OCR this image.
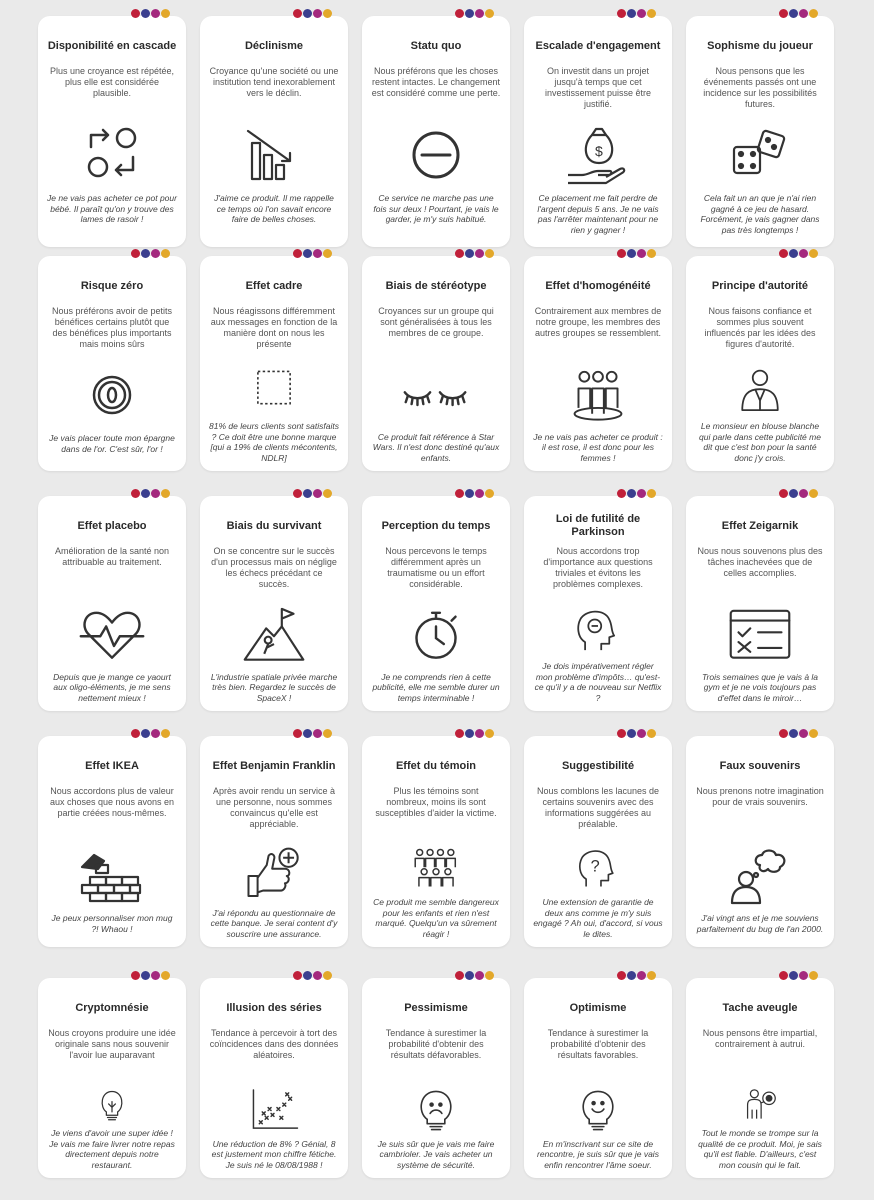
Disponibilité en cascade
Plus une croyance est répétée, plus elle est considérée plausible.
Je ne vais pas acheter ce pot pour bébé. Il paraît qu'on y trouve des lames de rasoir !
Déclinisme
Croyance qu'une société ou une institution tend inexorablement vers le déclin.
J'aime ce produit. Il me rappelle ce temps où l'on savait encore faire de belles choses.
Statu quo
Nous préférons que les choses restent intactes. Le changement est considéré comme une perte.
Ce service ne marche pas une fois sur deux ! Pourtant, je vais le garder, je m'y suis habitué.
Escalade d'engagement
On investit dans un projet jusqu'à temps que cet investissement puisse être justifié.
Ce placement me fait perdre de l'argent depuis 5 ans. Je ne vais pas l'arrêter maintenant pour ne rien y gagner !
Sophisme du joueur
Nous pensons que les événements passés ont une incidence sur les possibilités futures.
Cela fait un an que je n'ai rien gagné à ce jeu de hasard. Forcément, je vais gagner dans pas très longtemps !
Risque zéro
Nous préférons avoir de petits bénéfices certains plutôt que des bénéfices plus importants mais moins sûrs
Je vais placer toute mon épargne dans de l'or. C'est sûr, l'or !
Effet cadre
Nous réagissons différemment aux messages en fonction de la manière dont on nous les présente
81% de leurs clients sont satisfaits ? Ce doit être une bonne marque [qui a 19% de clients mécontents, NDLR]
Biais de stéréotype
Croyances sur un groupe qui sont généralisées à tous les membres de ce groupe.
Ce produit fait référence à Star Wars. Il n'est donc destiné qu'aux enfants.
Effet d'homogénéité
Contrairement aux membres de notre groupe, les membres des autres groupes se ressemblent.
Je ne vais pas acheter ce produit : il est rose, il est donc pour les femmes !
Principe d'autorité
Nous faisons confiance et sommes plus souvent influencés par les idées des figures d'autorité.
Le monsieur en blouse blanche qui parle dans cette publicité me dit que c'est bon pour la santé donc j'y crois.
Effet placebo
Amélioration de la santé non attribuable au traitement.
Depuis que je mange ce yaourt aux oligo-éléments, je me sens nettement mieux !
Biais du survivant
On se concentre sur le succès d'un processus mais on néglige les échecs précédant ce succès.
L'industrie spatiale privée marche très bien. Regardez le succès de SpaceX !
Perception du temps
Nous percevons le temps différemment après un traumatisme ou un effort considérable.
Je ne comprends rien à cette publicité, elle me semble durer un temps interminable !
Loi de futilité de Parkinson
Nous accordons trop d'importance aux questions triviales et évitons les problèmes complexes.
Je dois impérativement régler mon problème d'impôts… qu'est-ce qu'il y a de nouveau sur Netflix ?
Effet Zeigarnik
Nous nous souvenons plus des tâches inachevées que de celles accomplies.
Trois semaines que je vais à la gym et je ne vois toujours pas d'effet dans le miroir…
Effet IKEA
Nous accordons plus de valeur aux choses que nous avons en partie créées nous-mêmes.
Je peux personnaliser mon mug ?! Whaou !
Effet Benjamin Franklin
Après avoir rendu un service à une personne, nous sommes convaincus qu'elle est appréciable.
J'ai répondu au questionnaire de cette banque. Je serai content d'y souscrire une assurance.
Effet du témoin
Plus les témoins sont nombreux, moins ils sont susceptibles d'aider la victime.
Ce produit me semble dangereux pour les enfants et rien n'est marqué. Quelqu'un va sûrement réagir !
Suggestibilité
Nous comblons les lacunes de certains souvenirs avec des informations suggérées au préalable.
Une extension de garantie de deux ans comme je m'y suis engagé ? Ah oui, d'accord, si vous le dites.
Faux souvenirs
Nous prenons notre imagination pour de vrais souvenirs.
J'ai vingt ans et je me souviens parfaitement du bug de l'an 2000.
Cryptomnésie
Nous croyons produire une idée originale sans nous souvenir l'avoir lue auparavant
Je viens d'avoir une super idée ! Je vais me faire livrer notre repas directement depuis notre restaurant.
Illusion des séries
Tendance à percevoir à tort des coïncidences dans des données aléatoires.
Une réduction de 8% ? Génial, 8 est justement mon chiffre fétiche. Je suis né le 08/08/1988 !
Pessimisme
Tendance à surestimer la probabilité d'obtenir des résultats défavorables.
Je suis sûr que je vais me faire cambrioler. Je vais acheter un système de sécurité.
Optimisme
Tendance à surestimer la probabilité d'obtenir des résultats favorables.
En m'inscrivant sur ce site de rencontre, je suis sûr que je vais enfin rencontrer l'âme soeur.
Tache aveugle
Nous pensons être impartial, contrairement à autrui.
Tout le monde se trompe sur la qualité de ce produit. Moi, je sais qu'il est fiable. D'ailleurs, c'est mon cousin qui le fait.
